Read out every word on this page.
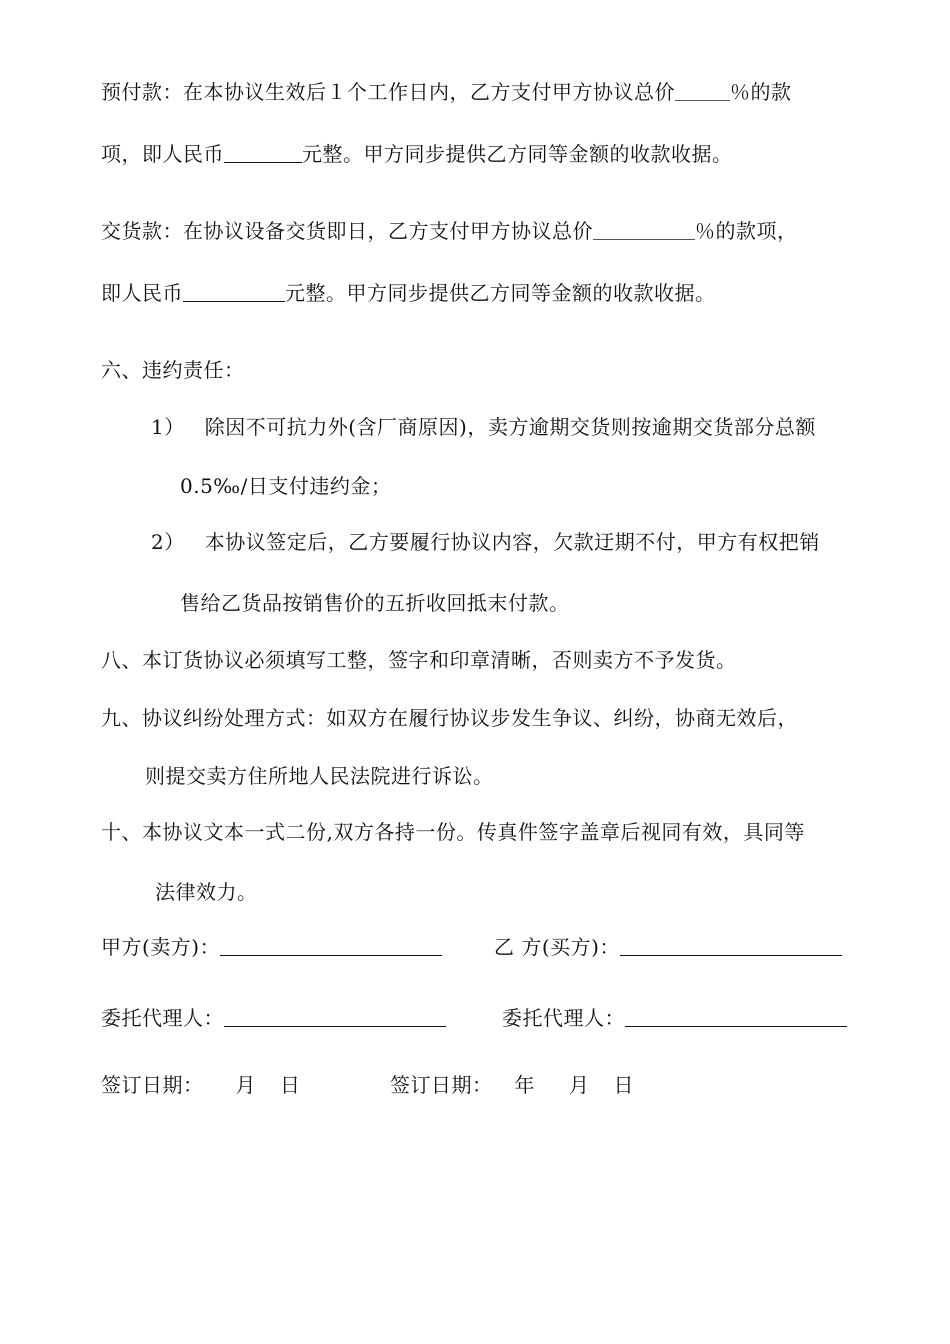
预付款：在本协议生效后１个工作日内，乙方支付甲方协议总价	％的款
项，即人民币	元整。甲方同步提供乙方同等金额的收款收据。
交货款：在协议设备交货即日，乙方支付甲方协议总价	％的款项，
即人民币	元整。甲方同步提供乙方同等金额的收款收据。
六、违约责任：
1） 除因不可抗力外(含厂商原因)，卖方逾期交货则按逾期交货部分总额
0.5‰/日支付违约金；
2） 本协议签定后，乙方要履行协议内容，欠款迂期不付，甲方有权把销
售给乙货品按销售价的五折收回抵末付款。
八、本订货协议必须填写工整，签字和印章清晰，否则卖方不予发货。
九、协议纠纷处理方式：如双方在履行协议步发生争议、纠纷，协商无效后，
则提交卖方住所地人民法院进行诉讼。
十、本协议文本一式二份,双方各持一份。传真件签字盖章后视同有效，具同等
法律效力。
甲方(卖方)：	乙 方(买方)：
委托代理人：	委托代理人：
签订日期： 月 日	签订日期： 年 月 日
